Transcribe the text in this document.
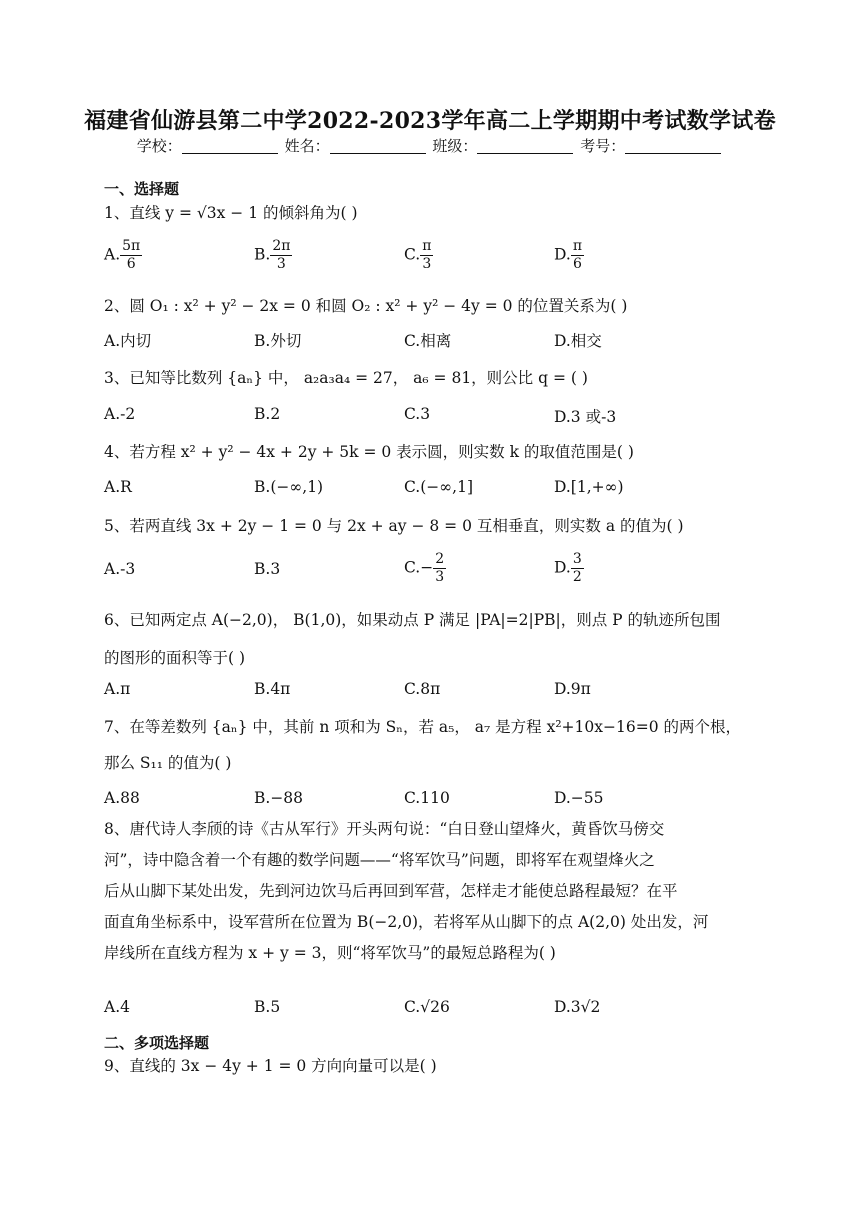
福建省仙游县第二中学2022-2023学年高二上学期期中考试数学试卷
学校：	姓名：	班级：	考号：
一、选择题
1、直线 y = √3x − 1 的倾斜角为( )
A. $\frac{5\pi}{6}$	B. $\frac{2\pi}{3}$	C. $\frac{\pi}{3}$	D. $\frac{\pi}{6}$
2、圆 O₁ : x² + y² − 2x = 0 和圆 O₂ : x² + y² − 4y = 0 的位置关系为( )
A.内切	B.外切	C.相离	D.相交
3、已知等比数列 {aₙ} 中， a₂a₃a₄ = 27， a₆ = 81，则公比 q = ( )
A.-2	B.2	C.3	D.3 或-3
4、若方程 x² + y² − 4x + 2y + 5k = 0 表示圆，则实数 k 的取值范围是( )
A.R	B.(−∞,1)	C.(−∞,1]	D.[1,+∞)
5、若两直线 3x + 2y − 1 = 0 与 2x + ay − 8 = 0 互相垂直，则实数 a 的值为( )
A.-3	B.3	$C.- \frac{2}{3}$	D. $\frac{3}{2}$
6、已知两定点 A(−2,0)， B(1,0)，如果动点 P 满足 |PA|=2|PB|，则点 P 的轨迹所包围
的图形的面积等于( )
A.π	B.4π	C.8π	D.9π
7、在等差数列 {aₙ} 中，其前 n 项和为 Sₙ，若 a₅， a₇ 是方程 x²+10x−16=0 的两个根，
那么 S₁₁ 的值为( )
A.88	B.−88	C.110	D.−55
8、唐代诗人李颀的诗《古从军行》开头两句说：“白日登山望烽火，黄昏饮马傍交
河”，诗中隐含着一个有趣的数学问题——“将军饮马”问题，即将军在观望烽火之
后从山脚下某处出发，先到河边饮马后再回到军营，怎样走才能使总路程最短？在平
面直角坐标系中，设军营所在位置为 B(−2,0)，若将军从山脚下的点 A(2,0) 处出发，河
岸线所在直线方程为 x + y = 3，则“将军饮马”的最短总路程为( )
A.4	B.5	C.√26	D.3√2
二、多项选择题
9、直线的 3x − 4y + 1 = 0 方向向量可以是( )
